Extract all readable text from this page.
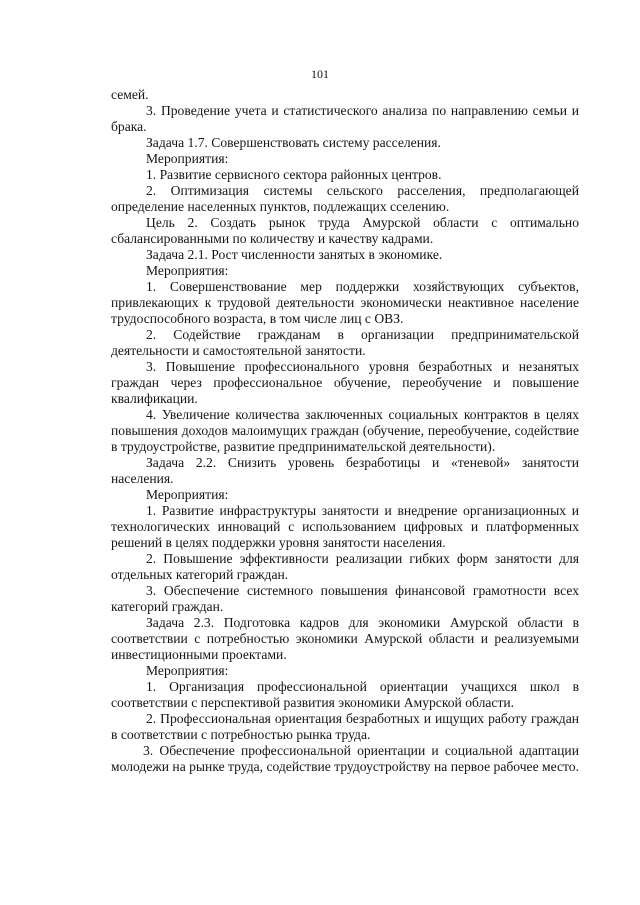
101

семей.

3. Проведение учета и статистического анализа по направлению семьи и брака.

Задача 1.7. Совершенствовать систему расселения.

Мероприятия:

1. Развитие сервисного сектора районных центров.

2. Оптимизация системы сельского расселения, предполагающей определение населенных пунктов, подлежащих сселению.

Цель 2. Создать рынок труда Амурской области с оптимально сбалансированными по количеству и качеству кадрами.

Задача 2.1. Рост численности занятых в экономике.

Мероприятия:

1. Совершенствование мер поддержки хозяйствующих субъектов, привлекающих к трудовой деятельности экономически неактивное население трудоспособного возраста, в том числе лиц с ОВЗ.

2. Содействие гражданам в организации предпринимательской деятельности и самостоятельной занятости.

3. Повышение профессионального уровня безработных и незанятых граждан через профессиональное обучение, переобучение и повышение квалификации.

4. Увеличение количества заключенных социальных контрактов в целях повышения доходов малоимущих граждан (обучение, переобучение, содействие в трудоустройстве, развитие предпринимательской деятельности).

Задача 2.2. Снизить уровень безработицы и «теневой» занятости населения.

Мероприятия:

1. Развитие инфраструктуры занятости и внедрение организационных и технологических инноваций с использованием цифровых и платформенных решений в целях поддержки уровня занятости населения.

2. Повышение эффективности реализации гибких форм занятости для отдельных категорий граждан.

3. Обеспечение системного повышения финансовой грамотности всех категорий граждан.

Задача 2.3. Подготовка кадров для экономики Амурской области в соответствии с потребностью экономики Амурской области и реализуемыми инвестиционными проектами.

Мероприятия:

1. Организация профессиональной ориентации учащихся школ в соответствии с перспективой развития экономики Амурской области.

2. Профессиональная ориентация безработных и ищущих работу граждан в соответствии с потребностью рынка труда.

3. Обеспечение профессиональной ориентации и социальной адаптации молодежи на рынке труда, содействие трудоустройству на первое рабочее место.
